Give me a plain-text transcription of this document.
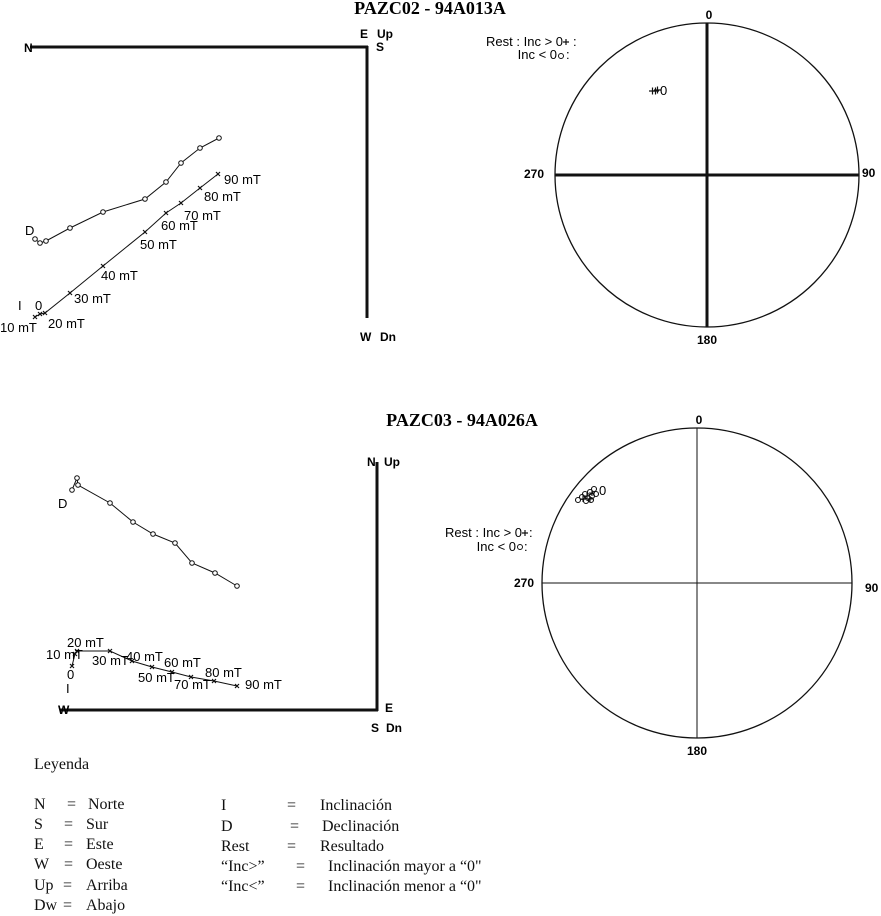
PAZC02 - 94A013A
N
E Up
S
W Dn
D
I 0
10 mT 20 mT
30 mT
40 mT
50 mT
60 mT
70 mT
80 mT
90 mT
0
90
180
270
Rest : Inc > 0 :
Inc < 0 :
0
PAZC03 - 94A026A
N Up
W	E
S Dn
D
I
0
10 mT
20 mT
30 mT
40 mT
50 mT
60 mT
70 mT
80 mT
90 mT
0
90
180
270
Rest : Inc > 0 :
Inc < 0 :
0
Leyenda
N = Norte
S = Sur
E = Este
W = Oeste
Up = Arriba
Dw = Abajo
I	= Inclinación
D	= Declinación
Rest = Resultado
“Inc>” = Inclinación mayor a “0"
“Inc<” = Inclinación menor a “0"
